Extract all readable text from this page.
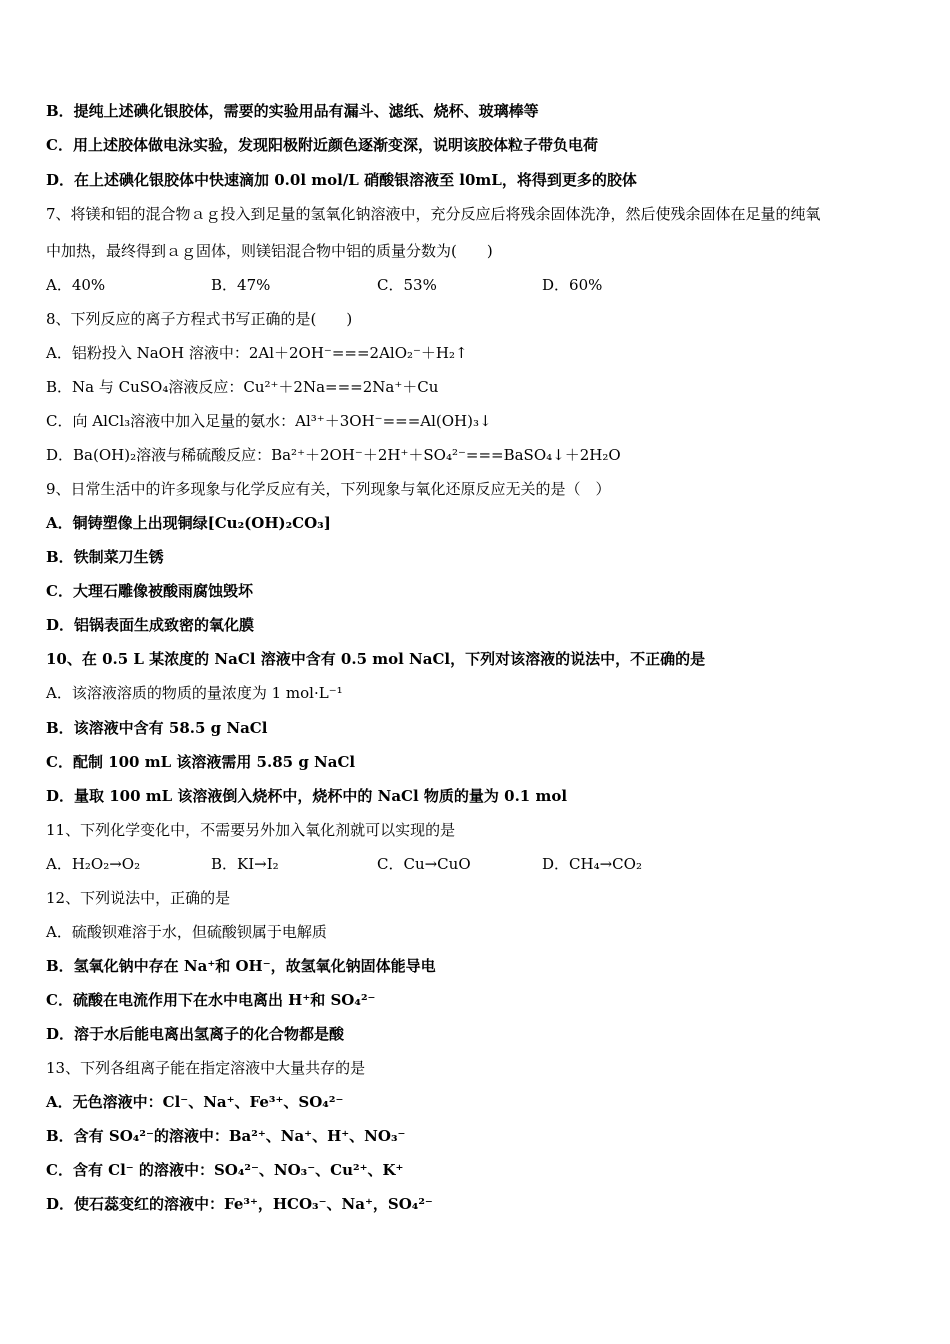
B．提纯上述碘化银胶体，需要的实验用品有漏斗、滤纸、烧杯、玻璃棒等
C．用上述胶体做电泳实验，发现阳极附近颜色逐渐变深，说明该胶体粒子带负电荷
D．在上述碘化银胶体中快速滴加 0.0l mol/L 硝酸银溶液至 l0mL，将得到更多的胶体
7、将镁和铝的混合物ａｇ投入到足量的氢氧化钠溶液中，充分反应后将残余固体洗净，然后使残余固体在足量的纯氧
中加热，最终得到ａｇ固体，则镁铝混合物中铝的质量分数为(　　)
A．40%	B．47%	C．53%	D．60%
8、下列反应的离子方程式书写正确的是(　　)
A．铝粉投入 NaOH 溶液中：2Al＋2OH⁻===2AlO₂⁻＋H₂↑
B．Na 与 CuSO₄溶液反应：Cu²⁺＋2Na===2Na⁺＋Cu
C．向 AlCl₃溶液中加入足量的氨水：Al³⁺＋3OH⁻===Al(OH)₃↓
D．Ba(OH)₂溶液与稀硫酸反应：Ba²⁺＋2OH⁻＋2H⁺＋SO₄²⁻===BaSO₄↓＋2H₂O
9、日常生活中的许多现象与化学反应有关，下列现象与氧化还原反应无关的是（　）
A．铜铸塑像上出现铜绿[Cu₂(OH)₂CO₃]
B．铁制菜刀生锈
C．大理石雕像被酸雨腐蚀毁坏
D．铝锅表面生成致密的氧化膜
10、在 0.5 L 某浓度的 NaCl 溶液中含有 0.5 mol NaCl，下列对该溶液的说法中，不正确的是
A．该溶液溶质的物质的量浓度为 1 mol·L⁻¹
B．该溶液中含有 58.5 g NaCl
C．配制 100 mL 该溶液需用 5.85 g NaCl
D．量取 100 mL 该溶液倒入烧杯中，烧杯中的 NaCl 物质的量为 0.1 mol
11、下列化学变化中，不需要另外加入氧化剂就可以实现的是
A．H₂O₂→O₂	B．KI→I₂	C．Cu→CuO	D．CH₄→CO₂
12、下列说法中，正确的是
A．硫酸钡难溶于水，但硫酸钡属于电解质
B．氢氧化钠中存在 Na⁺和 OH⁻，故氢氧化钠固体能导电
C．硫酸在电流作用下在水中电离出 H⁺和 SO₄²⁻
D．溶于水后能电离出氢离子的化合物都是酸
13、下列各组离子能在指定溶液中大量共存的是
A．无色溶液中：Cl⁻、Na⁺、Fe³⁺、SO₄²⁻
B．含有 SO₄²⁻的溶液中：Ba²⁺、Na⁺、H⁺、NO₃⁻
C．含有 Cl⁻ 的溶液中：SO₄²⁻、NO₃⁻、Cu²⁺、K⁺
D．使石蕊变红的溶液中：Fe³⁺，HCO₃⁻、Na⁺，SO₄²⁻
